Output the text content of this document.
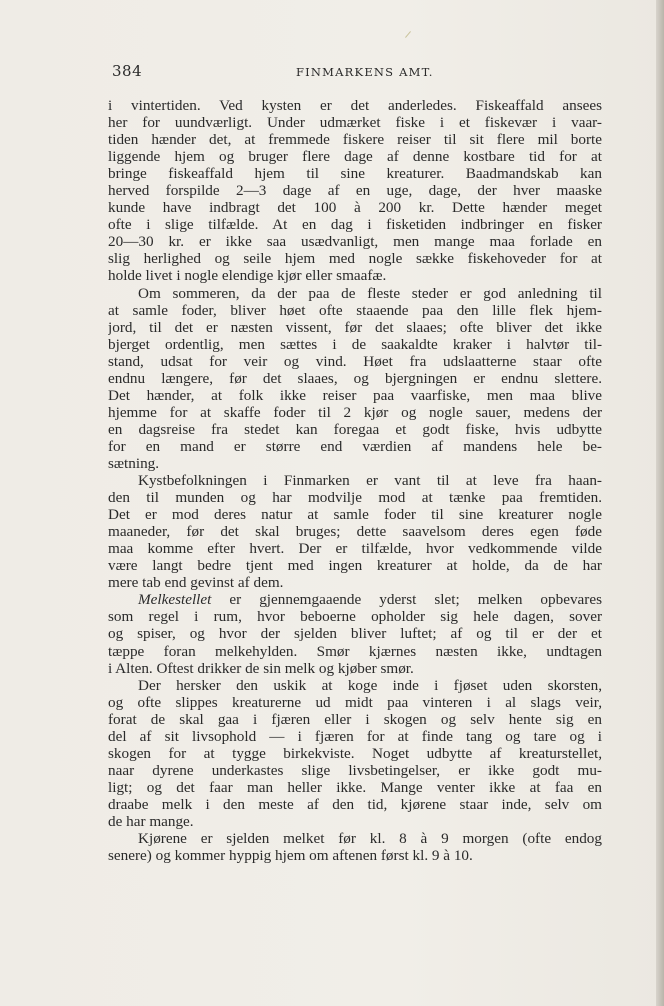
384	FINMARKENS AMT.
i vintertiden. Ved kysten er det anderledes. Fiskeaffald ansees
her for uundværligt. Under udmærket fiske i et fiskevær i vaar-
tiden hænder det, at fremmede fiskere reiser til sit flere mil borte
liggende hjem og bruger flere dage af denne kostbare tid for at
bringe fiskeaffald hjem til sine kreaturer. Baadmandskab kan
herved forspilde 2—3 dage af en uge, dage, der hver maaske
kunde have indbragt det 100 à 200 kr. Dette hænder meget
ofte i slige tilfælde. At en dag i fisketiden indbringer en fisker
20—30 kr. er ikke saa usædvanligt, men mange maa forlade en
slig herlighed og seile hjem med nogle sække fiskehoveder for at
holde livet i nogle elendige kjør eller smaafæ.
Om sommeren, da der paa de fleste steder er god anledning til
at samle foder, bliver høet ofte staaende paa den lille flek hjem-
jord, til det er næsten vissent, før det slaaes; ofte bliver det ikke
bjerget ordentlig, men sættes i de saakaldte kraker i halvtør til-
stand, udsat for veir og vind. Høet fra udslaatterne staar ofte
endnu længere, før det slaaes, og bjergningen er endnu slettere.
Det hænder, at folk ikke reiser paa vaarfiske, men maa blive
hjemme for at skaffe foder til 2 kjør og nogle sauer, medens der
en dagsreise fra stedet kan foregaa et godt fiske, hvis udbytte
for en mand er større end værdien af mandens hele be-
sætning.
Kystbefolkningen i Finmarken er vant til at leve fra haan-
den til munden og har modvilje mod at tænke paa fremtiden.
Det er mod deres natur at samle foder til sine kreaturer nogle
maaneder, før det skal bruges; dette saavelsom deres egen føde
maa komme efter hvert. Der er tilfælde, hvor vedkommende vilde
være langt bedre tjent med ingen kreaturer at holde, da de har
mere tab end gevinst af dem.
Melkestellet er gjennemgaaende yderst slet; melken opbevares
som regel i rum, hvor beboerne opholder sig hele dagen, sover
og spiser, og hvor der sjelden bliver luftet; af og til er der et
tæppe foran melkehylden. Smør kjærnes næsten ikke, undtagen
i Alten. Oftest drikker de sin melk og kjøber smør.
Der hersker den uskik at koge inde i fjøset uden skorsten,
og ofte slippes kreaturerne ud midt paa vinteren i al slags veir,
forat de skal gaa i fjæren eller i skogen og selv hente sig en
del af sit livsophold — i fjæren for at finde tang og tare og i
skogen for at tygge birkekviste. Noget udbytte af kreaturstellet,
naar dyrene underkastes slige livsbetingelser, er ikke godt mu-
ligt; og det faar man heller ikke. Mange venter ikke at faa en
draabe melk i den meste af den tid, kjørene staar inde, selv om
de har mange.
Kjørene er sjelden melket før kl. 8 à 9 morgen (ofte endog
senere) og kommer hyppig hjem om aftenen først kl. 9 à 10.
